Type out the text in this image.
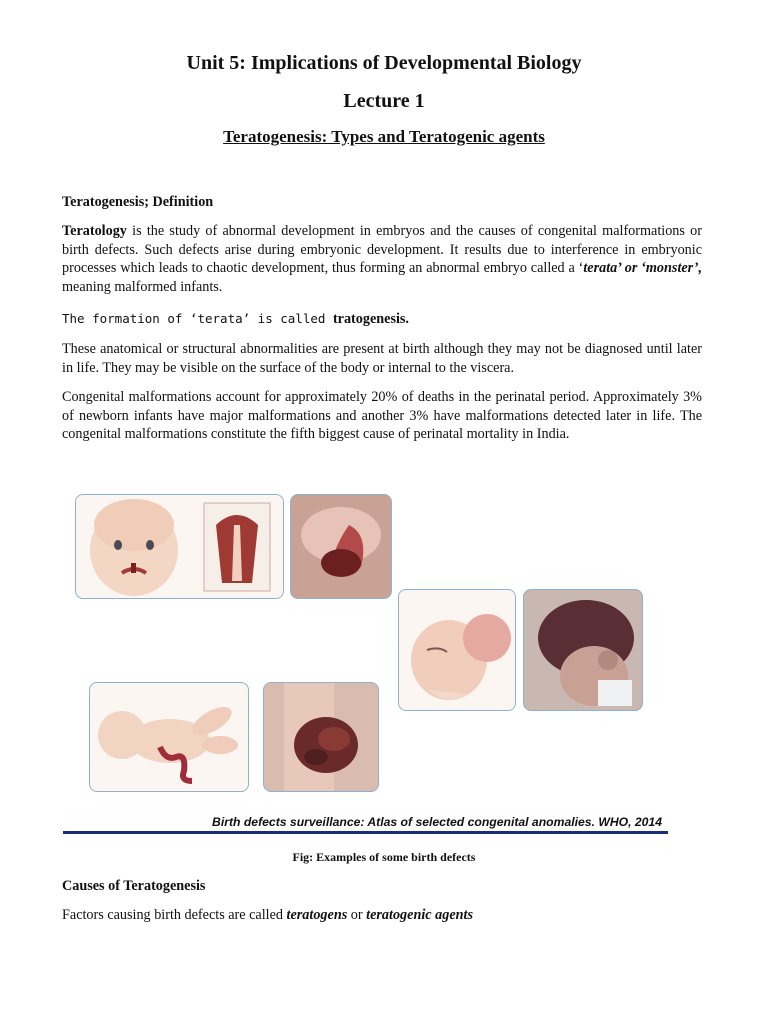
Unit 5: Implications of Developmental Biology
Lecture 1
Teratogenesis: Types and Teratogenic agents
Teratogenesis; Definition
Teratology is the study of abnormal development in embryos and the causes of congenital malformations or birth defects. Such defects arise during embryonic development. It results due to interference in embryonic processes which leads to chaotic development, thus forming an abnormal embryo called a ‘terata’ or ‘monster’, meaning malformed infants.
The formation of ‘terata’ is called tratogenesis.
These anatomical or structural abnormalities are present at birth although they may not be diagnosed until later in life. They may be visible on the surface of the body or internal to the viscera.
Congenital malformations account for approximately 20% of deaths in the perinatal period. Approximately 3% of newborn infants have major malformations and another 3% have malformations detected later in life. The congenital malformations constitute the fifth biggest cause of perinatal mortality in India.
Birth defects surveillance: Atlas of selected congenital anomalies. WHO, 2014
Fig: Examples of some birth defects
Causes of Teratogenesis
Factors causing birth defects are called teratogens or teratogenic agents
